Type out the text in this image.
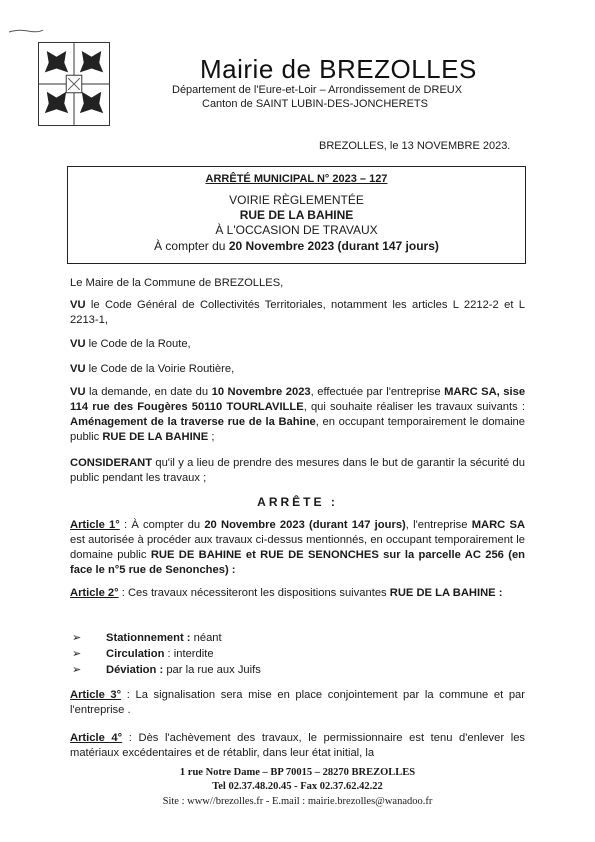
Mairie de BREZOLLES
Département de l'Eure-et-Loir – Arrondissement de DREUX
Canton de SAINT LUBIN-DES-JONCHERETS
BREZOLLES, le 13 NOVEMBRE 2023.
ARRÊTÉ MUNICIPAL N° 2023 – 127
VOIRIE RÈGLEMENTÉE
RUE DE LA BAHINE
À L'OCCASION DE TRAVAUX
À compter du 20 Novembre 2023 (durant 147 jours)
Le Maire de la Commune de BREZOLLES,
VU le Code Général de Collectivités Territoriales, notamment les articles L 2212-2 et L 2213-1,
VU le Code de la Route,
VU le Code de la Voirie Routière,
VU la demande, en date du 10 Novembre 2023, effectuée par l'entreprise MARC SA, sise 114 rue des Fougères 50110 TOURLAVILLE, qui souhaite réaliser les travaux suivants : Aménagement de la traverse rue de la Bahine, en occupant temporairement le domaine public RUE DE LA BAHINE ;
CONSIDERANT qu'il y a lieu de prendre des mesures dans le but de garantir la sécurité du public pendant les travaux ;
ARRÊTE :
Article 1° : À compter du 20 Novembre 2023 (durant 147 jours), l'entreprise MARC SA est autorisée à procéder aux travaux ci-dessus mentionnés, en occupant temporairement le domaine public RUE DE BAHINE et RUE DE SENONCHES sur la parcelle AC 256 (en face le n°5 rue de Senonches) :
Article 2° : Ces travaux nécessiteront les dispositions suivantes RUE DE LA BAHINE :
➢	Stationnement :
néant
➢	Circulation
: interdite
➢	Déviation :
par la rue aux Juifs
Article 3° : La signalisation sera mise en place conjointement par la commune et par l'entreprise .
Article 4° : Dès l'achèvement des travaux, le permissionnaire est tenu d'enlever les matériaux excédentaires et de rétablir, dans leur état initial, la
1 rue Notre Dame – BP 70015 – 28270 BREZOLLES
Tel 02.37.48.20.45 - Fax 02.37.62.42.22
Site : www//brezolles.fr - E.mail : mairie.brezolles@wanadoo.fr
